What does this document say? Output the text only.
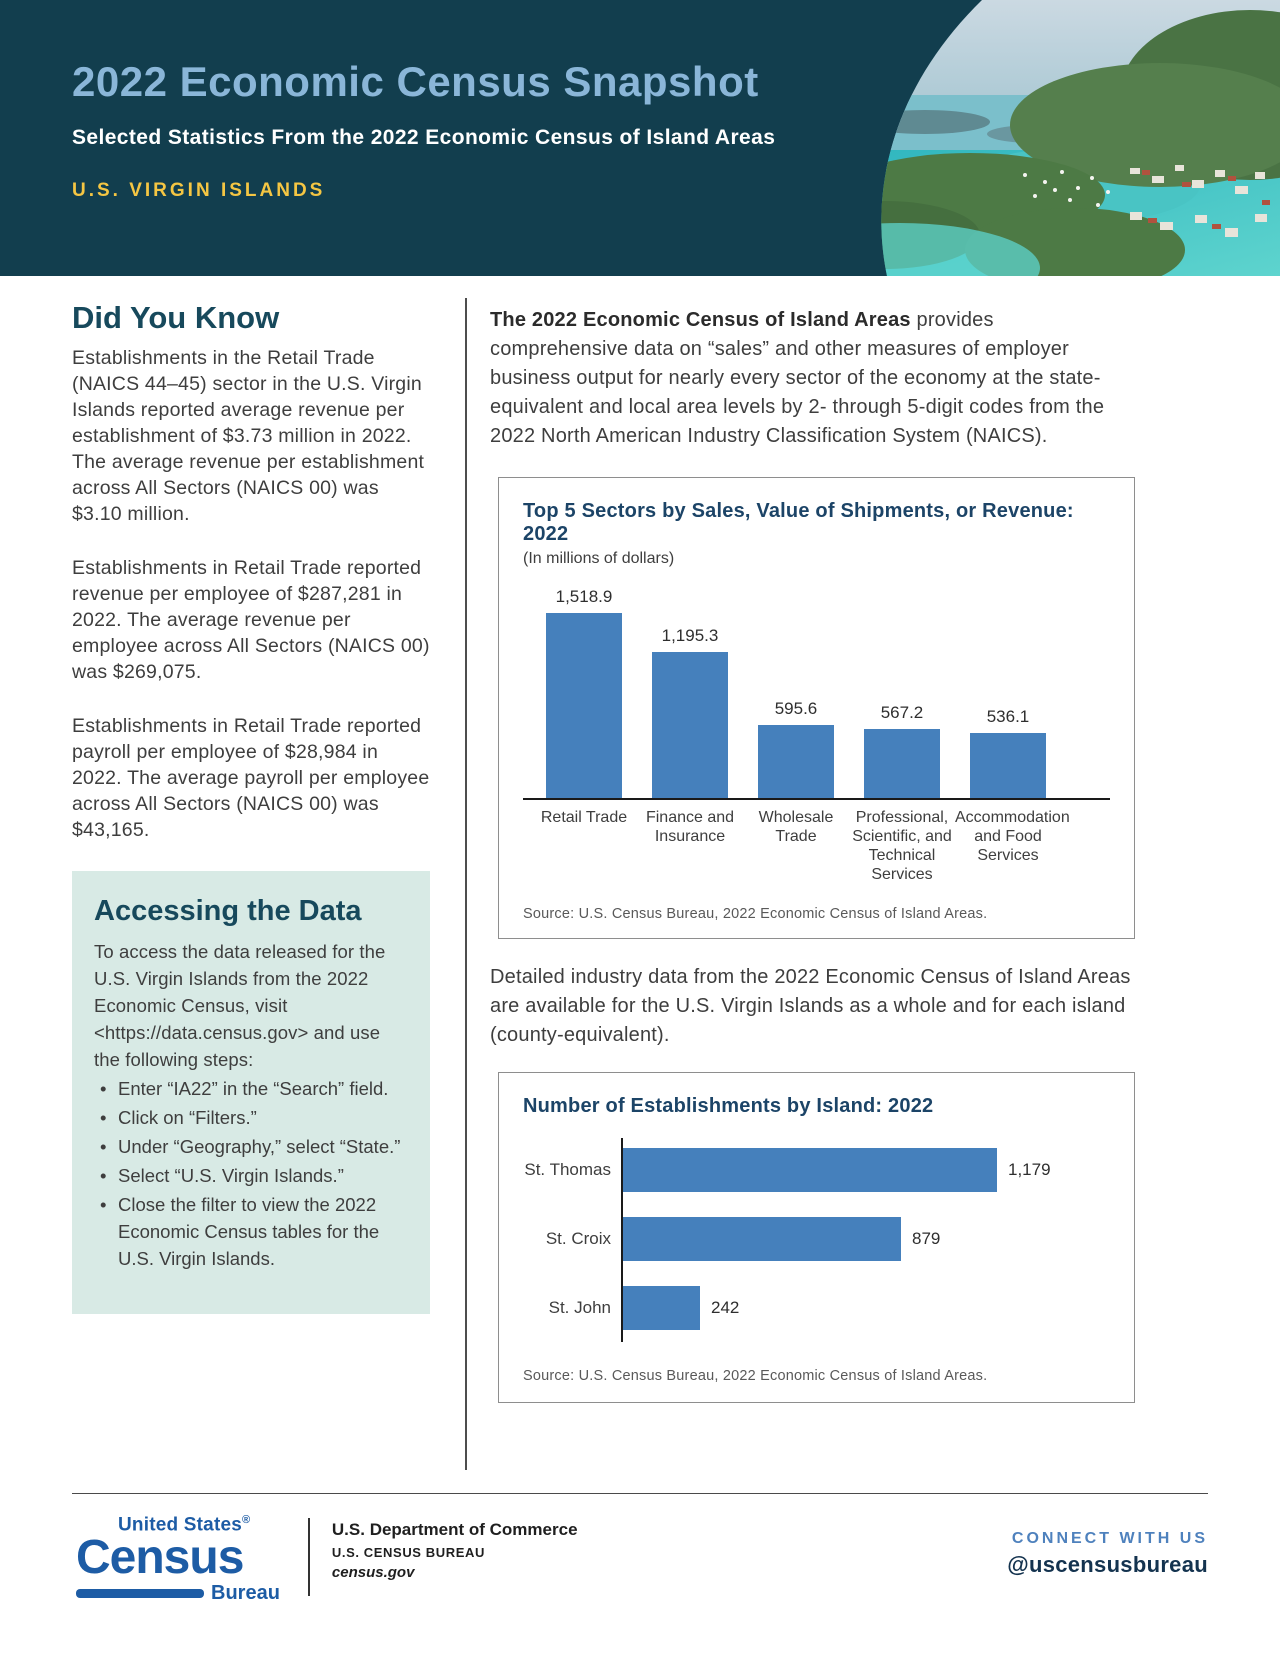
2022 Economic Census Snapshot
Selected Statistics From the 2022 Economic Census of Island Areas
U.S. VIRGIN ISLANDS
Did You Know

Establishments in the Retail Trade (NAICS 44–45) sector in the U.S. Virgin Islands reported average revenue per establishment of $3.73 million in 2022. The average revenue per establishment across All Sectors (NAICS 00) was $3.10 million.

Establishments in Retail Trade reported revenue per employee of $287,281 in 2022. The average revenue per employee across All Sectors (NAICS 00) was $269,075.

Establishments in Retail Trade reported payroll per employee of $28,984 in 2022. The average payroll per employee across All Sectors (NAICS 00) was $43,165.

Accessing the Data
To access the data released for the U.S. Virgin Islands from the 2022 Economic Census, visit <https://data.census.gov> and use the following steps:
• Enter “IA22” in the “Search” field.
• Click on “Filters.”
• Under “Geography,” select “State.”
• Select “U.S. Virgin Islands.”
• Close the filter to view the 2022 Economic Census tables for the U.S. Virgin Islands.

The 2022 Economic Census of Island Areas provides comprehensive data on “sales” and other measures of employer business output for nearly every sector of the economy at the state-equivalent and local area levels by 2- through 5-digit codes from the 2022 North American Industry Classification System (NAICS).

Top 5 Sectors by Sales, Value of Shipments, or Revenue: 2022
(In millions of dollars)
1,518.9
1,195.3
595.6	567.2	536.1
Retail Trade	Finance and Insurance
Wholesale Trade
Professional, Scientific, and Technical Services
Accommodation and Food Services
Source: U.S. Census Bureau, 2022 Economic Census of Island Areas.

Detailed industry data from the 2022 Economic Census of Island Areas are available for the U.S. Virgin Islands as a whole and for each island (county-equivalent).

Number of Establishments by Island: 2022
St. Thomas
St. Croix
St. John
1,179
879
242
Source: U.S. Census Bureau, 2022 Economic Census of Island Areas.
United States®
Census
Bureau
U.S. Department of Commerce
U.S. CENSUS BUREAU
census.gov
CONNECT WITH US
@uscensusbureau
